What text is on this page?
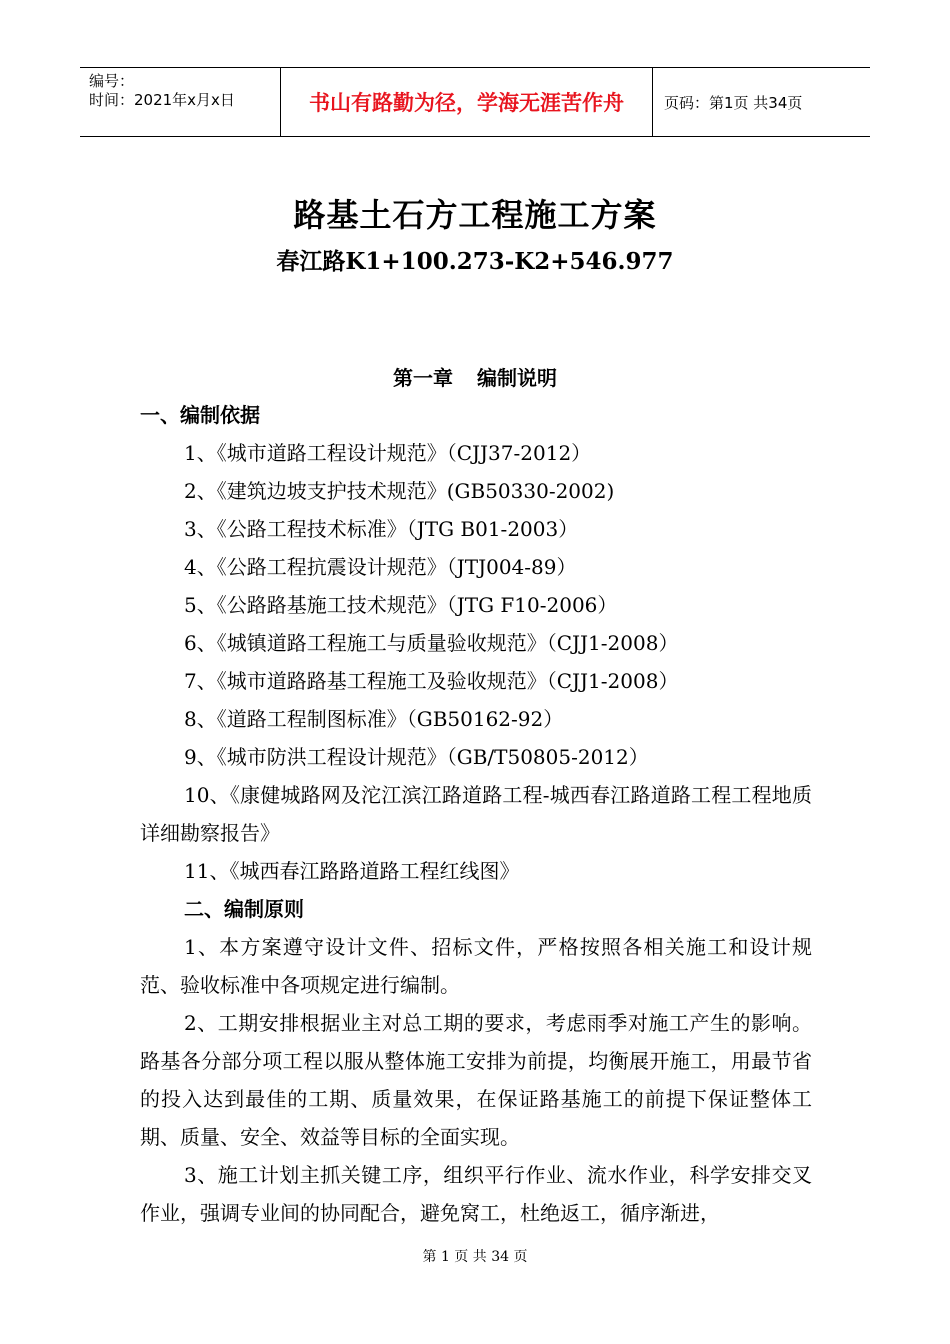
编号：
时间：2021年x月x日	书山有路勤为径，学海无涯苦作舟	页码：第1页 共34页
路基土石方工程施工方案
春江路K1+100.273-K2+546.977
第一章 编制说明
一、编制依据
1、《城市道路工程设计规范》（CJJ37-2012）
2、《建筑边坡支护技术规范》(GB50330-2002)
3、《公路工程技术标准》（JTG B01-2003）
4、《公路工程抗震设计规范》（JTJ004-89）
5、《公路路基施工技术规范》（JTG F10-2006）
6、《城镇道路工程施工与质量验收规范》（CJJ1-2008）
7、《城市道路路基工程施工及验收规范》（CJJ1-2008）
8、《道路工程制图标准》（GB50162-92）
9、《城市防洪工程设计规范》（GB/T50805-2012）
10、《康健城路网及沱江滨江路道路工程-城西春江路道路工程工程地质详细勘察报告》
11、《城西春江路路道路工程红线图》
二、编制原则
1、本方案遵守设计文件、招标文件，严格按照各相关施工和设计规范、验收标准中各项规定进行编制。
2、工期安排根据业主对总工期的要求，考虑雨季对施工产生的影响。路基各分部分项工程以服从整体施工安排为前提，均衡展开施工，用最节省的投入达到最佳的工期、质量效果，在保证路基施工的前提下保证整体工期、质量、安全、效益等目标的全面实现。
3、施工计划主抓关键工序，组织平行作业、流水作业，科学安排交叉作业，强调专业间的协同配合，避免窝工，杜绝返工，循序渐进，
第 1 页 共 34 页
